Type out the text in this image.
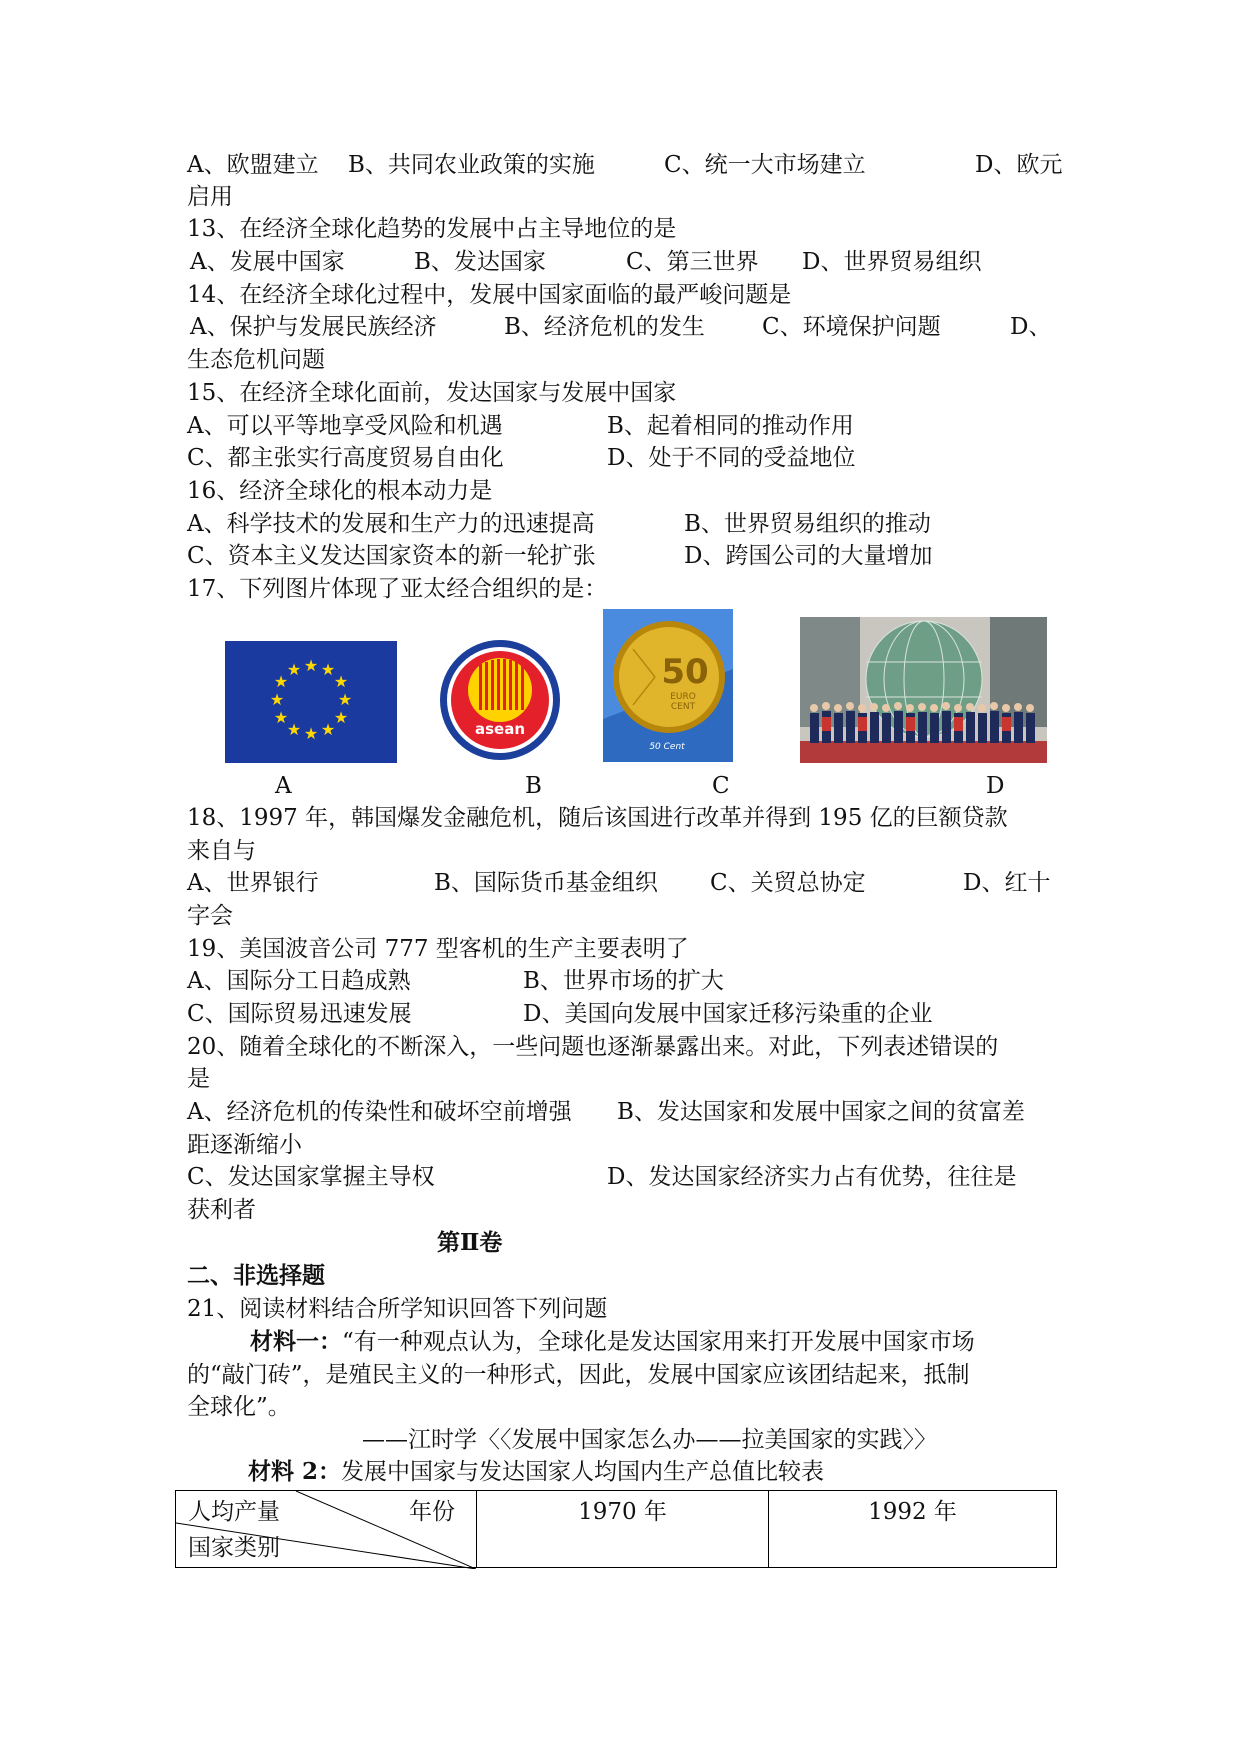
A、欧盟建立 B、共同农业政策的实施	C、统一大市场建立	D、欧元
启用
13、在经济全球化趋势的发展中占主导地位的是
A、发展中国家	B、发达国家	C、第三世界 D、世界贸易组织
14、在经济全球化过程中，发展中国家面临的最严峻问题是
A、保护与发展民族经济	B、经济危机的发生 C、环境保护问题	D、
生态危机问题
15、在经济全球化面前，发达国家与发展中国家
A、可以平等地享受风险和机遇	B、起着相同的推动作用
C、都主张实行高度贸易自由化	D、处于不同的受益地位
16、经济全球化的根本动力是
A、科学技术的发展和生产力的迅速提高	B、世界贸易组织的推动
C、资本主义发达国家资本的新一轮扩张	D、跨国公司的大量增加
17、下列图片体现了亚太经合组织的是：
★ ★
★
★
★
★
★
★
★
★
★
★
asean
50
EURO
CENT
50 Cent
A	B	C	D
18、1997 年，韩国爆发金融危机，随后该国进行改革并得到 195 亿的巨额贷款
来自与
A、世界银行	B、国际货币基金组织 C、关贸总协定	D、红十
字会
19、美国波音公司 777 型客机的生产主要表明了
A、国际分工日趋成熟	B、世界市场的扩大
C、国际贸易迅速发展	D、美国向发展中国家迁移污染重的企业
20、随着全球化的不断深入，一些问题也逐渐暴露出来。对此，下列表述错误的
是
A、经济危机的传染性和破坏空前增强 B、发达国家和发展中国家之间的贫富差
距逐渐缩小
C、发达国家掌握主导权	D、发达国家经济实力占有优势，往往是
获利者
第Ⅱ卷
二、非选择题
21、阅读材料结合所学知识回答下列问题
材料一：“有一种观点认为，全球化是发达国家用来打开发展中国家市场
的“敲门砖”，是殖民主义的一种形式，因此，发展中国家应该团结起来，抵制
全球化”。
——江时学〈〈发展中国家怎么办——拉美国家的实践〉〉
材料 2：发展中国家与发达国家人均国内生产总值比较表
人均产量	年份
国家类别
	1970 年	1992 年
